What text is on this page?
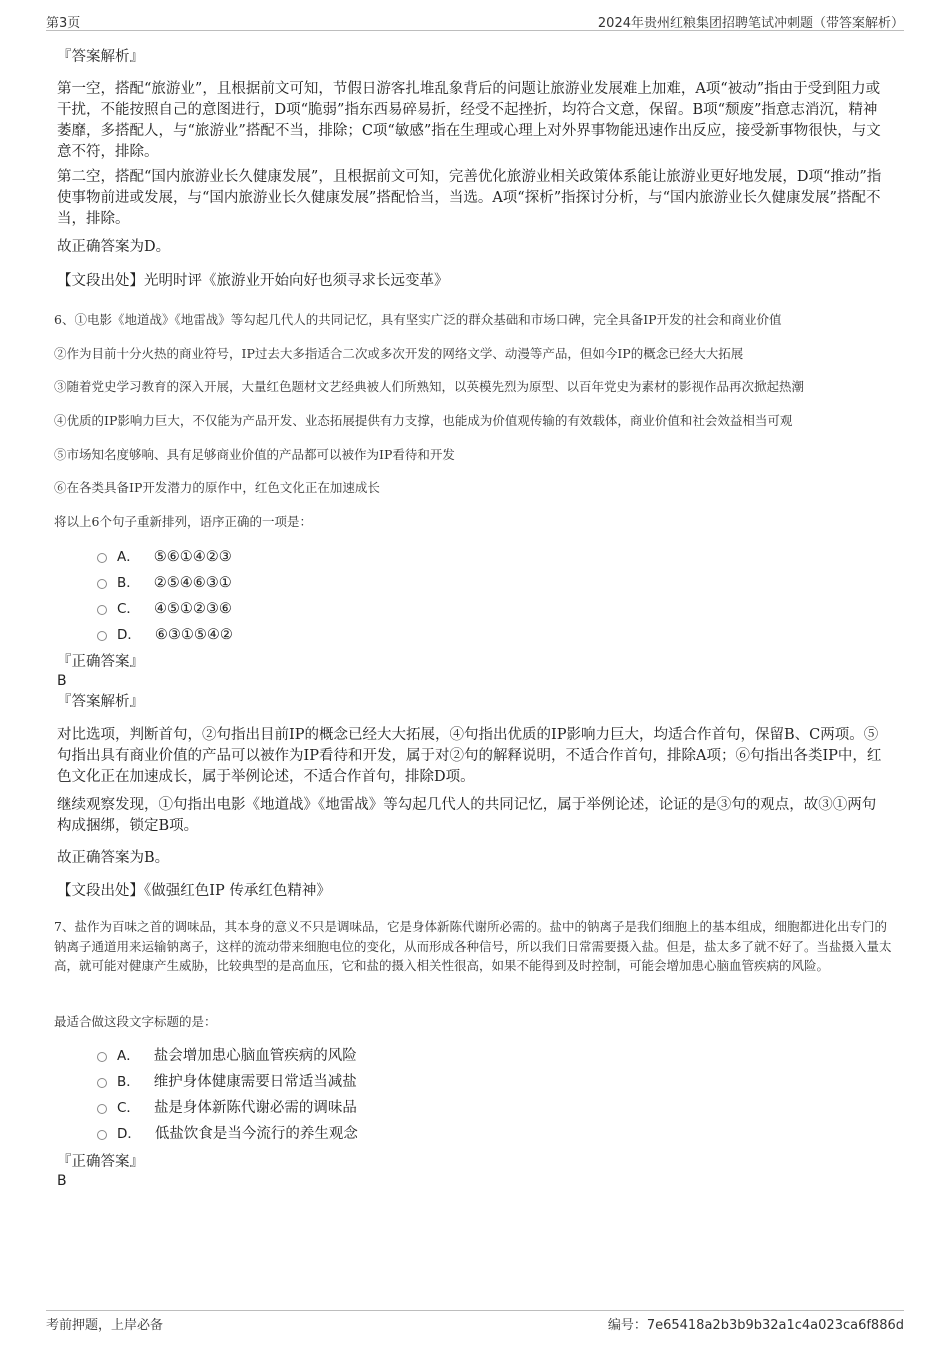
第3页	2024年贵州红粮集团招聘笔试冲刺题（带答案解析）

『答案解析』

第一空，搭配“旅游业”，且根据前文可知，节假日游客扎堆乱象背后的问题让旅游业发展难上加难，A项“被动”指由于受到阻力或干扰，不能按照自己的意图进行，D项“脆弱”指东西易碎易折，经受不起挫折，均符合文意，保留。B项“颓废”指意志消沉，精神萎靡，多搭配人，与“旅游业”搭配不当，排除；C项“敏感”指在生理或心理上对外界事物能迅速作出反应，接受新事物很快，与文意不符，排除。

第二空，搭配“国内旅游业长久健康发展”，且根据前文可知，完善优化旅游业相关政策体系能让旅游业更好地发展，D项“推动”指使事物前进或发展，与“国内旅游业长久健康发展”搭配恰当，当选。A项“探析”指探讨分析，与“国内旅游业长久健康发展”搭配不当，排除。

故正确答案为D。

【文段出处】光明时评《旅游业开始向好也须寻求长远变革》

6、①电影《地道战》《地雷战》等勾起几代人的共同记忆，具有坚实广泛的群众基础和市场口碑，完全具备IP开发的社会和商业价值

②作为目前十分火热的商业符号，IP过去大多指适合二次或多次开发的网络文学、动漫等产品，但如今IP的概念已经大大拓展

③随着党史学习教育的深入开展，大量红色题材文艺经典被人们所熟知，以英模先烈为原型、以百年党史为素材的影视作品再次掀起热潮

④优质的IP影响力巨大，不仅能为产品开发、业态拓展提供有力支撑，也能成为价值观传输的有效载体，商业价值和社会效益相当可观

⑤市场知名度够响、具有足够商业价值的产品都可以被作为IP看待和开发

⑥在各类具备IP开发潜力的原作中，红色文化正在加速成长

将以上6个句子重新排列，语序正确的一项是：

A． ⑤⑥①④②③
B． ②⑤④⑥③①
C． ④⑤①②③⑥
D． ⑥③①⑤④②

『正确答案』

B

『答案解析』

对比选项，判断首句，②句指出目前IP的概念已经大大拓展，④句指出优质的IP影响力巨大，均适合作首句，保留B、C两项。⑤句指出具有商业价值的产品可以被作为IP看待和开发，属于对②句的解释说明，不适合作首句，排除A项；⑥句指出各类IP中，红色文化正在加速成长，属于举例论述，不适合作首句，排除D项。

继续观察发现，①句指出电影《地道战》《地雷战》等勾起几代人的共同记忆，属于举例论述，论证的是③句的观点，故③①两句构成捆绑，锁定B项。

故正确答案为B。

【文段出处】《做强红色IP 传承红色精神》

7、盐作为百味之首的调味品，其本身的意义不只是调味品，它是身体新陈代谢所必需的。盐中的钠离子是我们细胞上的基本组成，细胞都进化出专门的钠离子通道用来运输钠离子，这样的流动带来细胞电位的变化，从而形成各种信号，所以我们日常需要摄入盐。但是，盐太多了就不好了。当盐摄入量太高，就可能对健康产生威胁，比较典型的是高血压，它和盐的摄入相关性很高，如果不能得到及时控制，可能会增加患心脑血管疾病的风险。

最适合做这段文字标题的是：

A． 盐会增加患心脑血管疾病的风险
B． 维护身体健康需要日常适当减盐
C． 盐是身体新陈代谢必需的调味品
D． 低盐饮食是当今流行的养生观念

『正确答案』

B

考前押题，上岸必备	编号：7e65418a2b3b9b32a1c4a023ca6f886d
